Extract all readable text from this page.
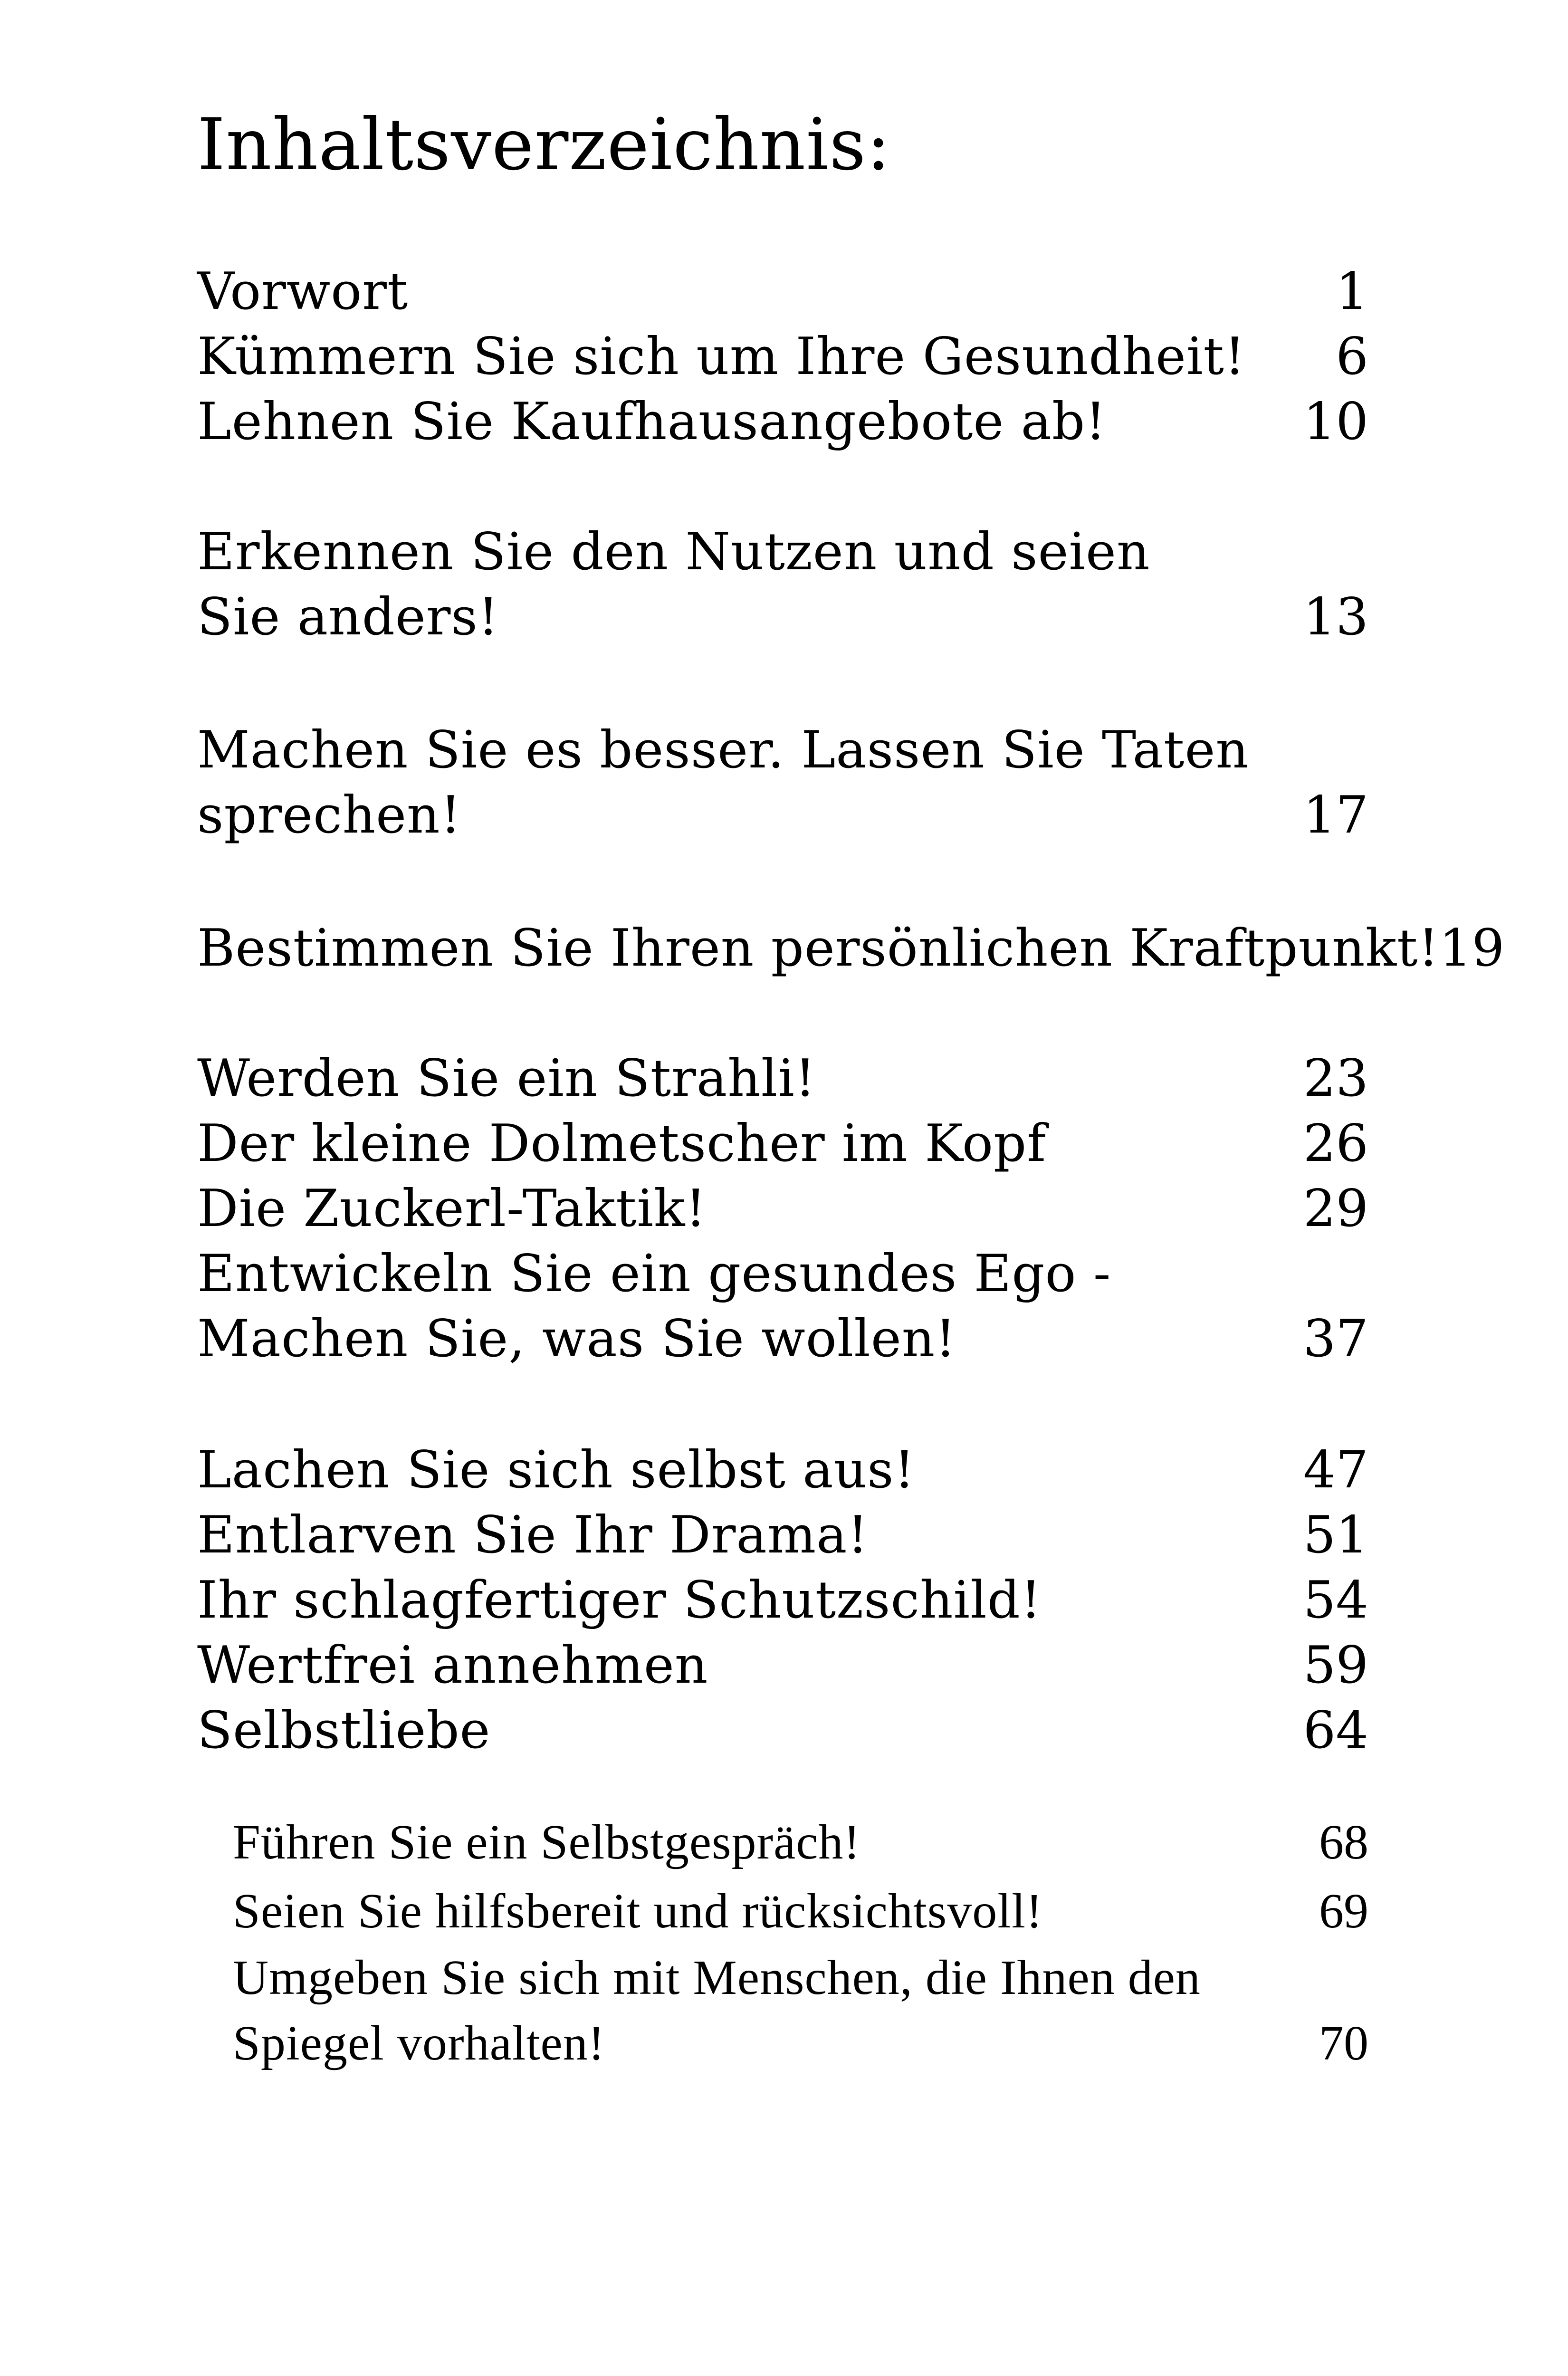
Inhaltsverzeichnis:
Vorwort	1
Kümmern Sie sich um Ihre Gesundheit! 6
Lehnen Sie Kaufhausangebote ab!	10
Erkennen Sie den Nutzen und seien
Sie anders!	13
Machen Sie es besser. Lassen Sie Taten
sprechen!	17
Bestimmen Sie Ihren persönlichen Kraftpunkt! 19
Werden Sie ein Strahli!	23
Der kleine Dolmetscher im Kopf	26
Die Zuckerl-Taktik!	29
Entwickeln Sie ein gesundes Ego -
Machen Sie, was Sie wollen!	37
Lachen Sie sich selbst aus!	47
Entlarven Sie Ihr Drama!	51
Ihr schlagfertiger Schutzschild!	54
Wertfrei annehmen	59
Selbstliebe	64
Führen Sie ein Selbstgespräch!	68
Seien Sie hilfsbereit und rücksichtsvoll!	69
Umgeben Sie sich mit Menschen, die Ihnen den
Spiegel vorhalten!	70
